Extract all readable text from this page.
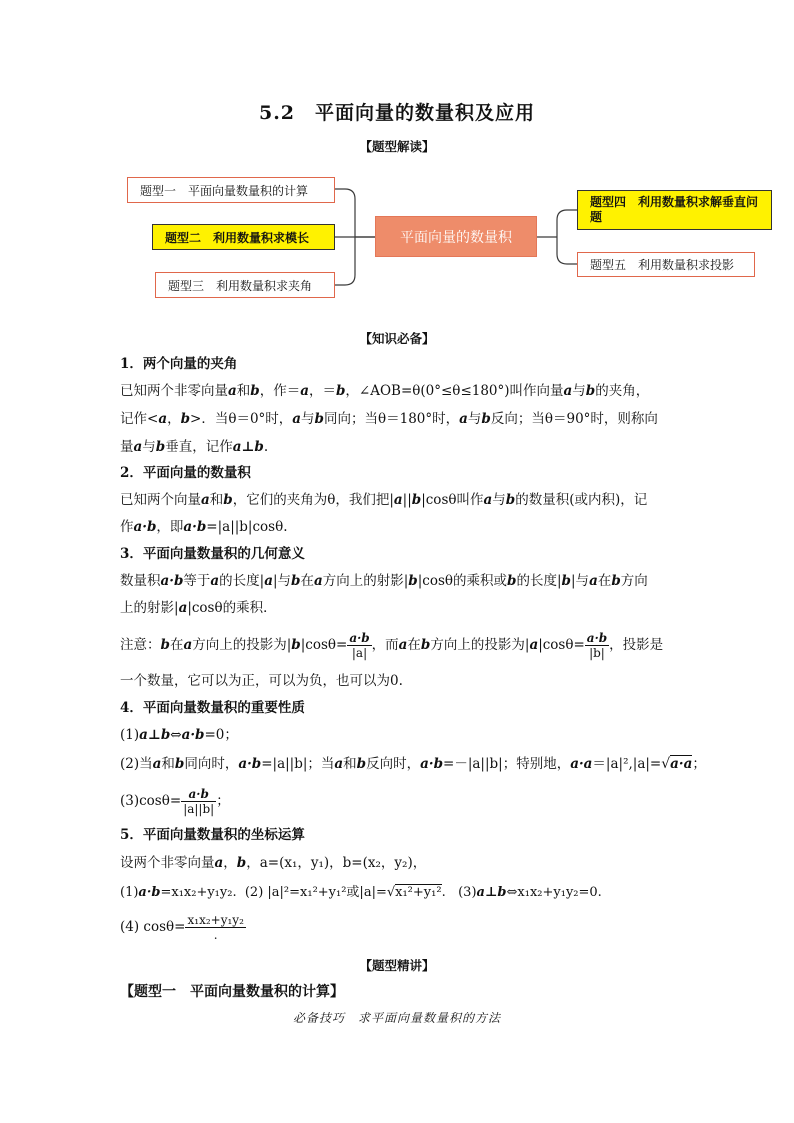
5.2　平面向量的数量积及应用
【题型解读】
题型一　平面向量数量积的计算
题型二　利用数量积求模长
题型三　利用数量积求夹角
平面向量的数量积
题型四　利用数量积求解垂直问题
题型五　利用数量积求投影
【知识必备】
1．两个向量的夹角
已知两个非零向量a和b，作＝a，＝b，∠AOB=θ(0°≤θ≤180°)叫作向量a与b的夹角，
记作<a，b>．当θ＝0°时，a与b同向；当θ＝180°时，a与b反向；当θ＝90°时，则称向
量a与b垂直，记作a⊥b.
2．平面向量的数量积
已知两个向量a和b，它们的夹角为θ，我们把|a||b|cosθ叫作a与b的数量积(或内积)，记
作a·b，即a·b=|a||b|cosθ.
3．平面向量数量积的几何意义
数量积a·b等于a的长度|a|与b在a方向上的射影|b|cosθ的乘积或b的长度|b|与a在b方向
上的射影|a|cosθ的乘积．
注意：b在a方向上的投影为$|b|\cos\theta= \frac{a\cdot b}{|a|}$ ，而a在b方向上的投影为$|a|\cos\theta= \frac{a\cdot b}{|b|}$ ，投影是
一个数量，它可以为正，可以为负，也可以为0.
4．平面向量数量积的重要性质
(1)a⊥b⇔a·b=0；
(2)当a和b同向时，a·b=|a||b|；当a和b反向时，a·b=－|a||b|；特别地，a·a＝|a|²,|a|=√a·a；
$(3)\cos\theta= \frac{a\cdot b}{|a||b|}$ ；
5．平面向量数量积的坐标运算
设两个非零向量a，b，a=(x₁，y₁)，b=(x₂，y₂)，
(1)a·b=x₁x₂+y₁y₂. (2) |a|²=x₁²+y₁²或|a|=√x₁²+y₁². (3)a⊥b⇔x₁x₂+y₁y₂=0.
(4) $\cos\theta= \frac{\text{x₁x₂+y₁y₂}}{.}$
【题型精讲】
【题型一　平面向量数量积的计算】
必备技巧　求平面向量数量积的方法
